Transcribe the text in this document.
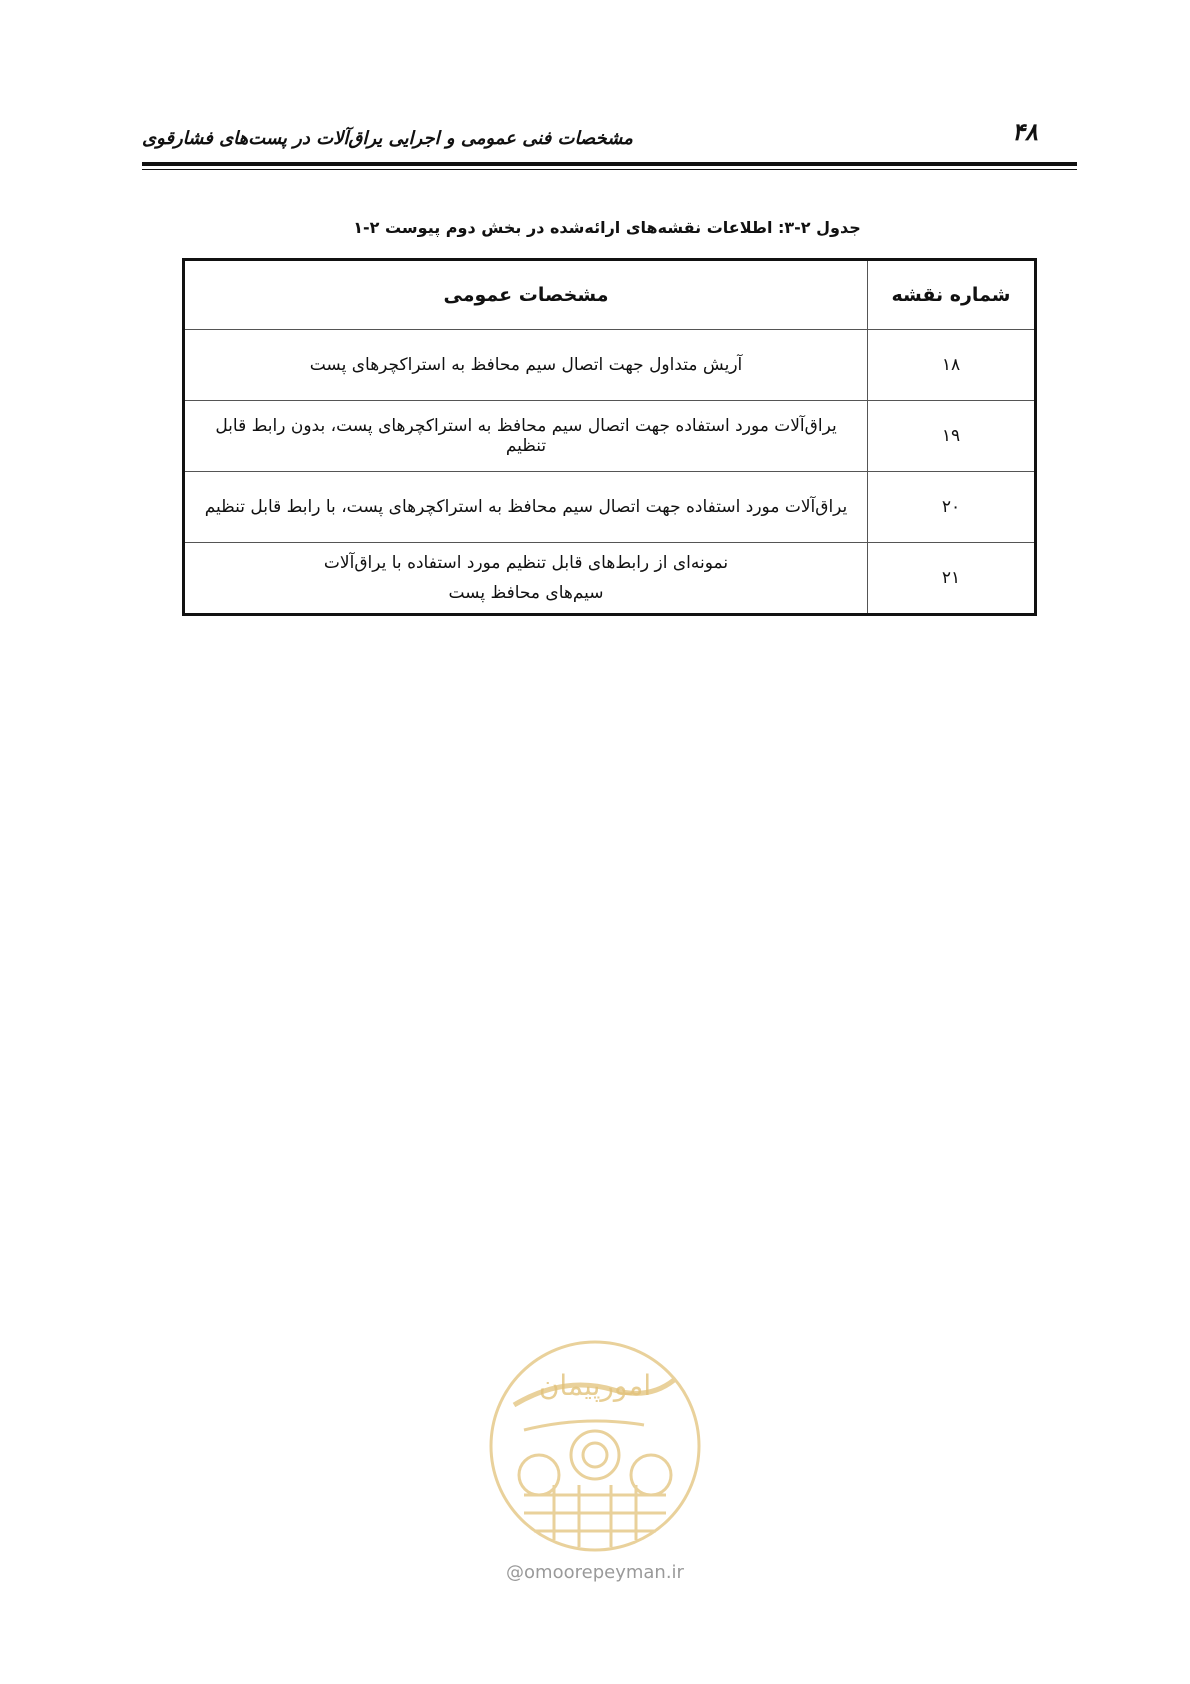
۴۸
مشخصات فنی عمومی و اجرایی یراق‌آلات در پست‌های فشارقوی
جدول ۲-۳: اطلاعات نقشه‌های ارائه‌شده در بخش دوم پیوست ۲-۱
شماره نقشه	مشخصات عمومی
۱۸	آریش متداول جهت اتصال سیم محافظ به استراکچرهای پست
۱۹	یراق‌آلات مورد استفاده جهت اتصال سیم محافظ به استراکچرهای پست، بدون رابط قابل تنظیم
۲۰	یراق‌آلات مورد استفاده جهت اتصال سیم محافظ به استراکچرهای پست، با رابط قابل تنظیم
۲۱	نمونه‌ای از رابط‌های قابل تنظیم مورد استفاده با یراق‌آلات
سیم‌های محافظ پست
امورپیمان
@omoorepeyman.ir
